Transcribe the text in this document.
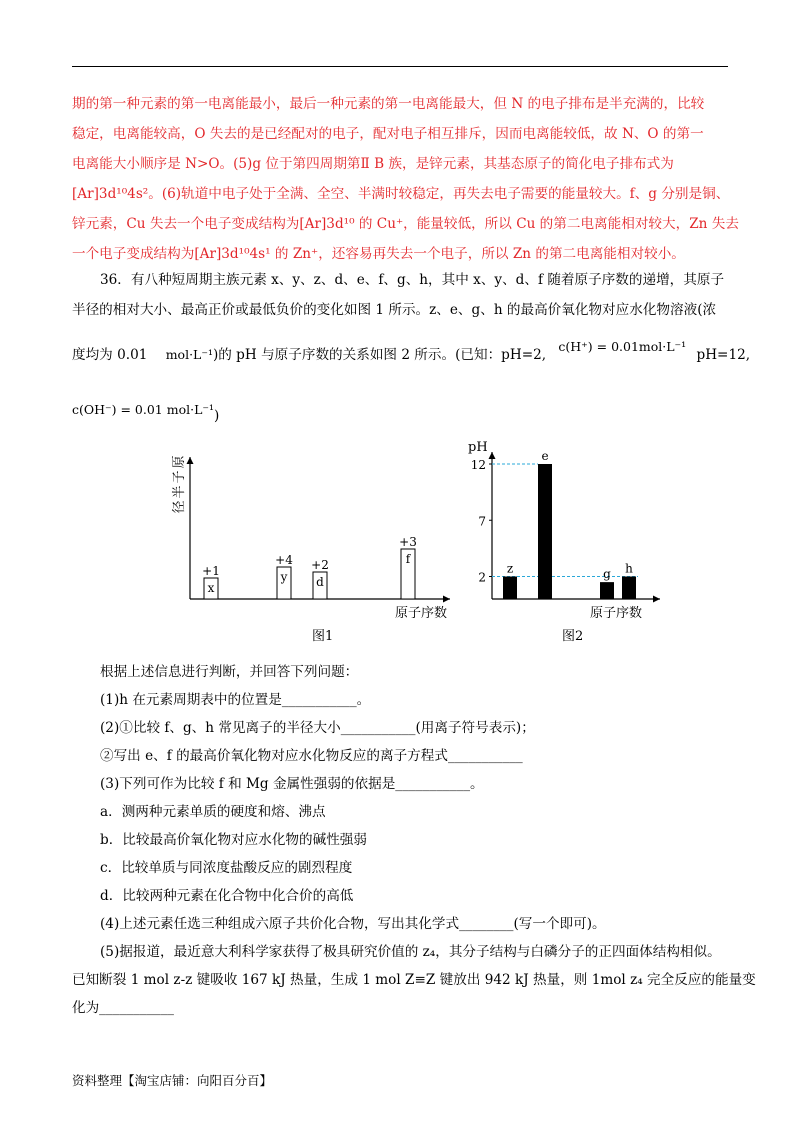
期的第一种元素的第一电离能最小，最后一种元素的第一电离能最大，但 N 的电子排布是半充满的，比较
稳定，电离能较高，O 失去的是已经配对的电子，配对电子相互排斥，因而电离能较低，故 N、O 的第一
电离能大小顺序是 N>O。(5)g 位于第四周期第Ⅱ B 族，是锌元素，其基态原子的简化电子排布式为
[Ar]3d¹⁰4s²。(6)轨道中电子处于全满、全空、半满时较稳定，再失去电子需要的能量较大。f、g 分别是铜、
锌元素，Cu 失去一个电子变成结构为[Ar]3d¹⁰ 的 Cu⁺，能量较低，所以 Cu 的第二电离能相对较大，Zn 失去
一个电子变成结构为[Ar]3d¹⁰4s¹ 的 Zn⁺，还容易再失去一个电子，所以 Zn 的第二电离能相对较小。
36．有八种短周期主族元素 x、y、z、d、e、f、g、h，其中 x、y、d、f 随着原子序数的递增，其原子
半径的相对大小、最高正价或最低负价的变化如图 1 所示。z、e、g、h 的最高价氧化物对应水化物溶液(浓
度均为 0.01 mol·L⁻¹)的 pH 与原子序数的关系如图 2 所示。(已知：pH=2, c(H⁺) = 0.01mol·L⁻¹ pH=12,
c(OH⁻) = 0.01 mol·L⁻¹)
原
子
半
径
原子序数
x
+1	y
+4
d
+2	f
+3
图1
pH
12
7
2
z
e
g h
原子序数
图2
根据上述信息进行判断，并回答下列问题：
(1)h 在元素周期表中的位置是___________。
(2)①比较 f、g、h 常见离子的半径大小___________(用离子符号表示)；
②写出 e、f 的最高价氧化物对应水化物反应的离子方程式___________
(3)下列可作为比较 f 和 Mg 金属性强弱的依据是___________。
a．测两种元素单质的硬度和熔、沸点
b．比较最高价氧化物对应水化物的碱性强弱
c．比较单质与同浓度盐酸反应的剧烈程度
d．比较两种元素在化合物中化合价的高低
(4)上述元素任选三种组成六原子共价化合物，写出其化学式________(写一个即可)。
(5)据报道，最近意大利科学家获得了极具研究价值的 z₄，其分子结构与白磷分子的正四面体结构相似。
已知断裂 1 mol z-z 键吸收 167 kJ 热量，生成 1 mol Z≡Z 键放出 942 kJ 热量，则 1mol z₄ 完全反应的能量变
化为___________
资料整理【淘宝店铺：向阳百分百】
